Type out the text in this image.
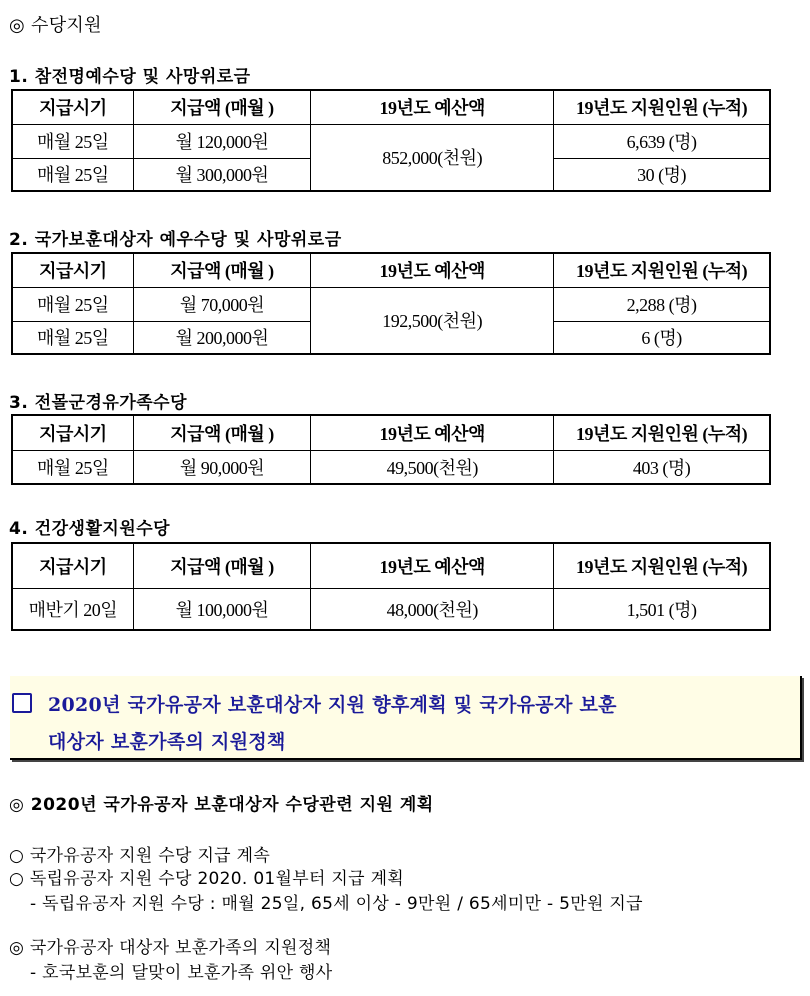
◎ 수당지원
1. 참전명예수당 및 사망위로금
지급시기	지급액 (매월 )	19년도 예산액	19년도 지원인원 (누적)
매월 25일	월 120,000원	852,000(천원)	6,639 (명)
매월 25일	월 300,000원		30 (명)
2. 국가보훈대상자 예우수당 및 사망위로금
지급시기	지급액 (매월 )	19년도 예산액	19년도 지원인원 (누적)
매월 25일	월 70,000원	192,500(천원)	2,288 (명)
매월 25일	월 200,000원		6 (명)
3. 전몰군경유가족수당
지급시기	지급액 (매월 )	19년도 예산액	19년도 지원인원 (누적)
매월 25일	월 90,000원	49,500(천원)	403 (명)
4. 건강생활지원수당
지급시기	지급액 (매월 )	19년도 예산액	19년도 지원인원 (누적)
매반기 20일	월 100,000원	48,000(천원)	1,501 (명)
2020년 국가유공자 보훈대상자 지원 향후계획 및 국가유공자 보훈
대상자 보훈가족의 지원정책
◎ 2020년 국가유공자 보훈대상자 수당관련 지원 계획
○ 국가유공자 지원 수당 지급 계속
○ 독립유공자 지원 수당 2020. 01월부터 지급 계획
- 독립유공자 지원 수당 : 매월 25일, 65세 이상 - 9만원 / 65세미만 - 5만원 지급
◎ 국가유공자 대상자 보훈가족의 지원정책
- 호국보훈의 달맞이 보훈가족 위안 행사
